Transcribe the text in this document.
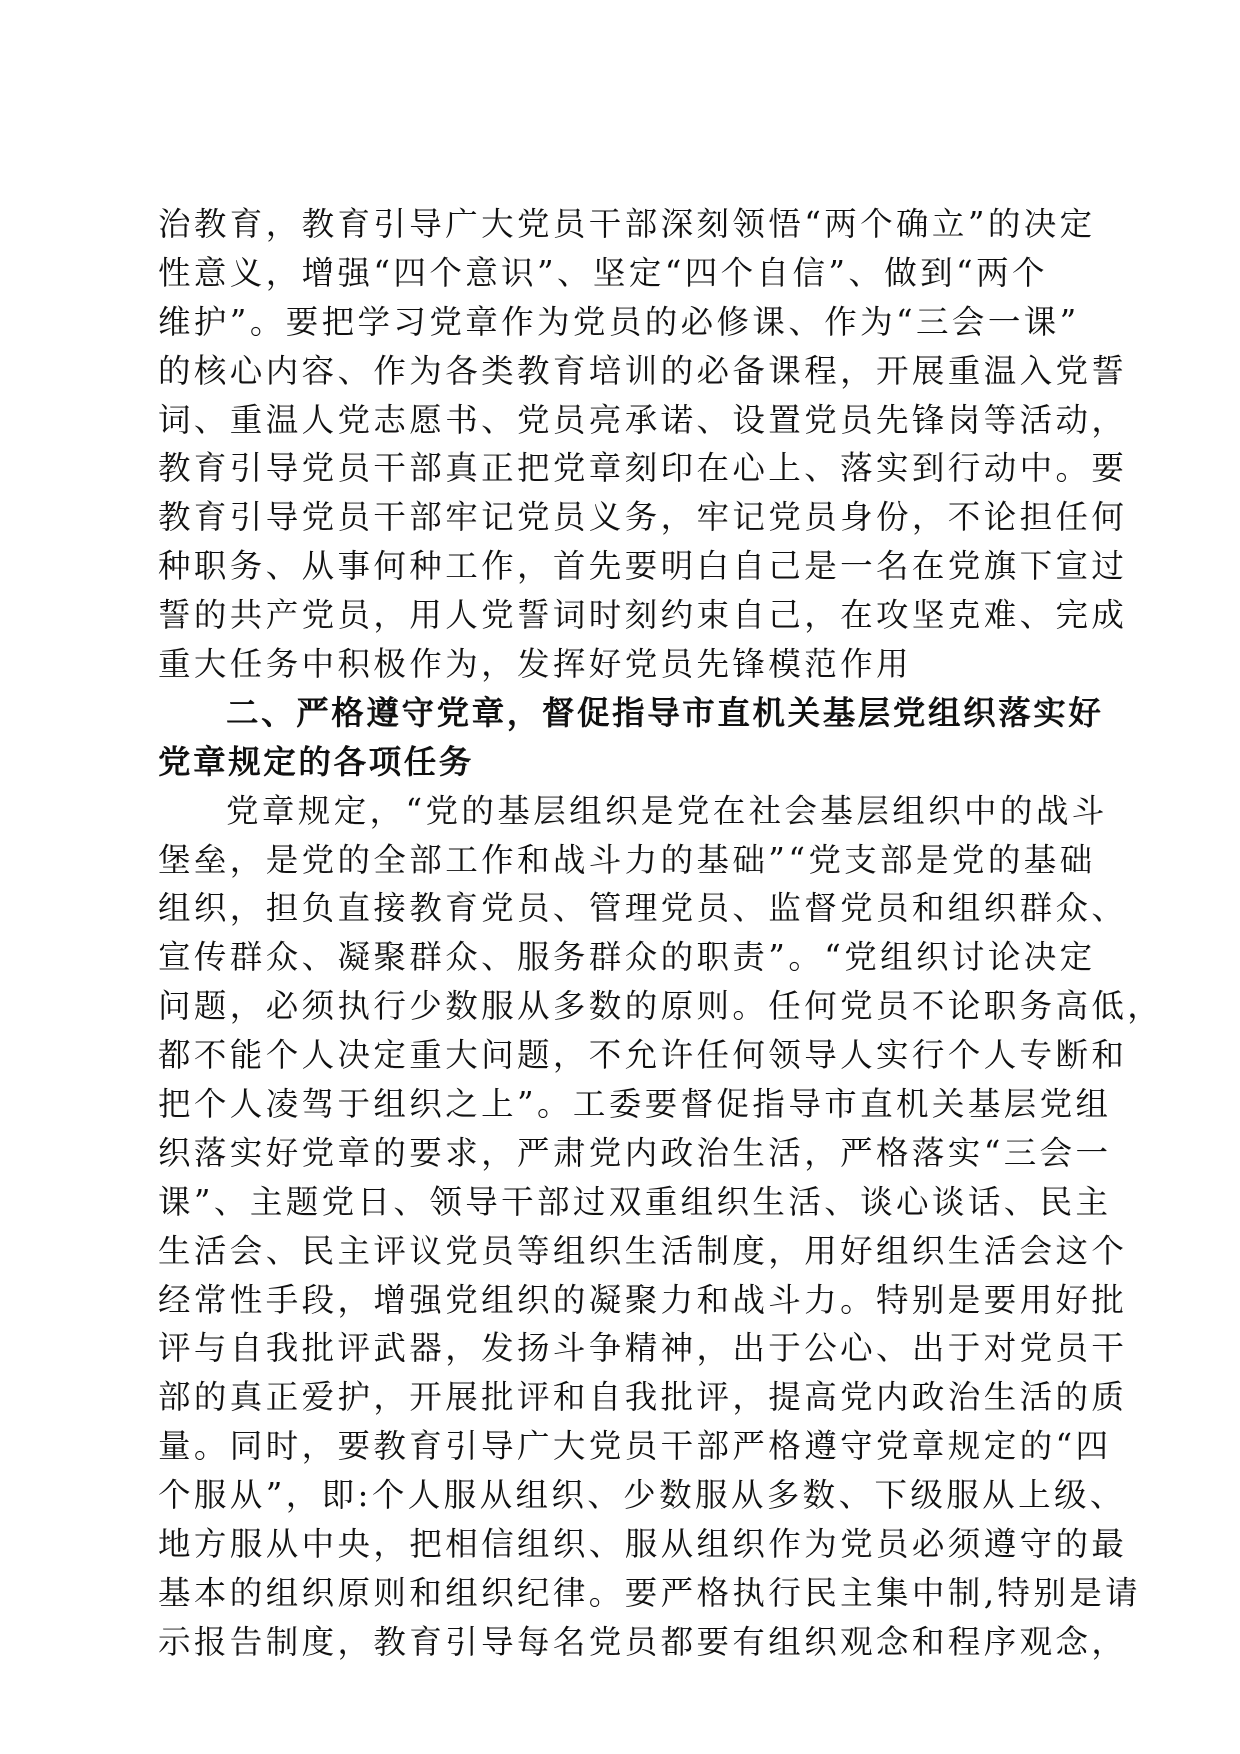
治教育，教育引导广大党员干部深刻领悟“两个确立”的决定
性意义，增强“四个意识”、坚定“四个自信”、做到“两个
维护”。要把学习党章作为党员的必修课、作为“三会一课”
的核心内容、作为各类教育培训的必备课程，开展重温入党誓
词、重温人党志愿书、党员亮承诺、设置党员先锋岗等活动，
教育引导党员干部真正把党章刻印在心上、落实到行动中。要
教育引导党员干部牢记党员义务，牢记党员身份，不论担任何
种职务、从事何种工作，首先要明白自己是一名在党旗下宣过
誓的共产党员，用人党誓词时刻约束自己，在攻坚克难、完成
重大任务中积极作为，发挥好党员先锋模范作用
二、严格遵守党章，督促指导市直机关基层党组织落实好
党章规定的各项任务
党章规定，“党的基层组织是党在社会基层组织中的战斗
堡垒，是党的全部工作和战斗力的基础”“党支部是党的基础
组织，担负直接教育党员、管理党员、监督党员和组织群众、
宣传群众、凝聚群众、服务群众的职责”。“党组织讨论决定
问题，必须执行少数服从多数的原则。任何党员不论职务高低，
都不能个人决定重大问题，不允许任何领导人实行个人专断和
把个人凌驾于组织之上”。工委要督促指导市直机关基层党组
织落实好党章的要求，严肃党内政治生活，严格落实“三会一
课”、主题党日、领导干部过双重组织生活、谈心谈话、民主
生活会、民主评议党员等组织生活制度，用好组织生活会这个
经常性手段，增强党组织的凝聚力和战斗力。特别是要用好批
评与自我批评武器，发扬斗争精神，出于公心、出于对党员干
部的真正爱护，开展批评和自我批评，提高党内政治生活的质
量。同时，要教育引导广大党员干部严格遵守党章规定的“四
个服从”，即:个人服从组织、少数服从多数、下级服从上级、
地方服从中央，把相信组织、服从组织作为党员必须遵守的最
基本的组织原则和组织纪律。要严格执行民主集中制,特别是请
示报告制度，教育引导每名党员都要有组织观念和程序观念，
